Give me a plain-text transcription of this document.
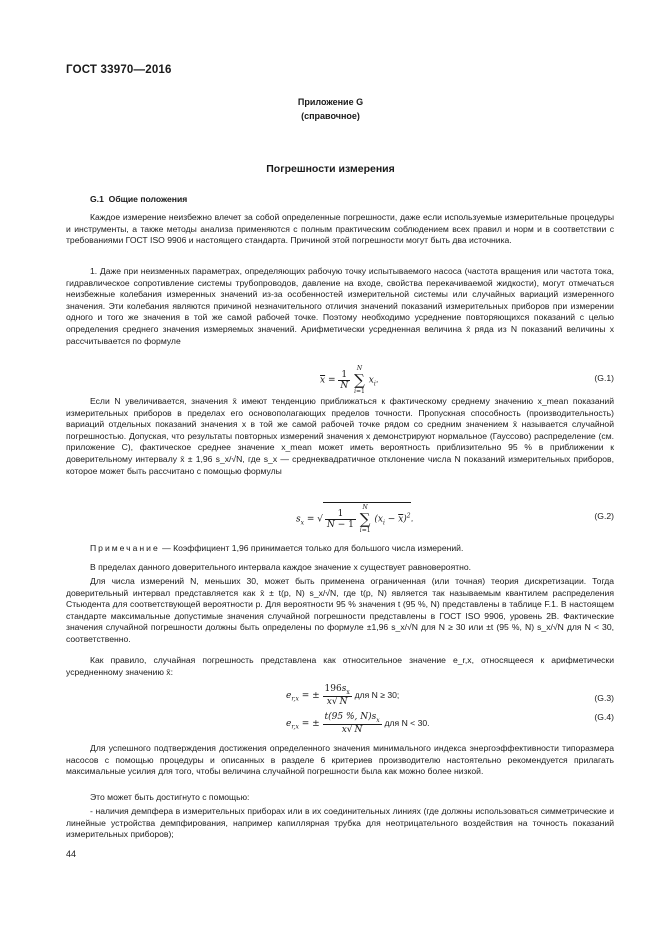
ГОСТ 33970—2016
Приложение G
(справочное)
Погрешности измерения
G.1 Общие положения

Каждое измерение неизбежно влечет за собой определенные погрешности, даже если используемые измерительные процедуры и инструменты, а также методы анализа применяются с полным практическим соблюдением всех правил и норм и в соответствии с требованиями ГОСТ ISO 9906 и настоящего стандарта. Причиной этой погрешности могут быть два источника.

1. Даже при неизменных параметрах, определяющих рабочую точку испытываемого насоса (частота вращения или частота тока, гидравлическое сопротивление системы трубопроводов, давление на входе, свойства перекачиваемой жидкости), могут отмечаться неизбежные колебания измеренных значений из-за особенностей измерительной системы или случайных вариаций измеренного значения. Эти колебания являются причиной незначительного отличия значений показаний измерительных приборов при измерении одного и того же значения в той же самой рабочей точке. Поэтому необходимо усреднение повторяющихся показаний с целью определения среднего значения измеряемых значений. Арифметически усредненная величина x̄ ряда из N показаний величины x рассчитывается по формуле

$\overline{x} = \frac{1}{N}$

N
∑
i=1
$x_i$.	(G.1)

Если N увеличивается, значения x̄ имеют тенденцию приближаться к фактическому среднему значению x_mean показаний измерительных приборов в пределах его основополагающих пределов точности. Пропускная способность (производительность) вариаций отдельных показаний значения x в той же самой рабочей точке рядом со средним значением x̄ называется случайной погрешностью. Допуская, что результаты повторных измерений значения x демонстрируют нормальное (Гауссово) распределение (см. приложение С), фактическое среднее значение x_mean может иметь вероятность приблизительно 95 % в приближении к доверительному интервалу x̄ ± 1,96 s_x/√N, где s_x — среднеквадратичное отклонение числа N показаний измерительных приборов, которое может быть рассчитано с помощью формулы

$s_x$ = √ $\frac{1}{N - 1}$

N
∑
i=1
$(x_i - \overline{x})^2$.	(G.2)

Примечание — Коэффициент 1,96 принимается только для большого числа измерений.

В пределах данного доверительного интервала каждое значение x существует равновероятно.

Для числа измерений N, меньших 30, может быть применена ограниченная (или точная) теория дискретизации. Тогда доверительный интервал представляется как x̄ ± t(p, N) s_x/√N, где t(p, N) является так называемым квантилем распределения Стьюдента для соответствующей вероятности p. Для вероятности 95 % значения t (95 %, N) представлены в таблице F.1. В настоящем стандарте максимальные допустимые значения случайной погрешности представлены в ГОСТ ISO 9906, уровень 2В. Фактические значения случайной погрешности должны быть определены по формуле ±1,96 s_x/√N для N ≥ 30 или ±t (95 %, N) s_x/√N для N < 30, соответственно.

Как правило, случайная погрешность представлена как относительное значение e_r,x, относящееся к арифметически усредненному значению x̄:

$e_{r,x}$ = ± $\frac{196s_x}{\overline{x}√ N}$ для N ≥ 30;	(G.3)
$e_{r,x}$ = ± $\frac{t(95 \%, N)s_x}{\overline{x}√ N}$ для N < 30.
(G.4)

Для успешного подтверждения достижения определенного значения минимального индекса энергоэффективности типоразмера насосов с помощью процедуры и описанных в разделе 6 критериев производителю настоятельно рекомендуется прилагать максимальные усилия для того, чтобы величина случайной погрешности была как можно более низкой.

Это может быть достигнуто с помощью:

- наличия демпфера в измерительных приборах или в их соединительных линиях (где должны использоваться симметрические и линейные устройства демпфирования, например капиллярная трубка для неотрицательного воздействия на точность показаний измерительных приборов);

44
